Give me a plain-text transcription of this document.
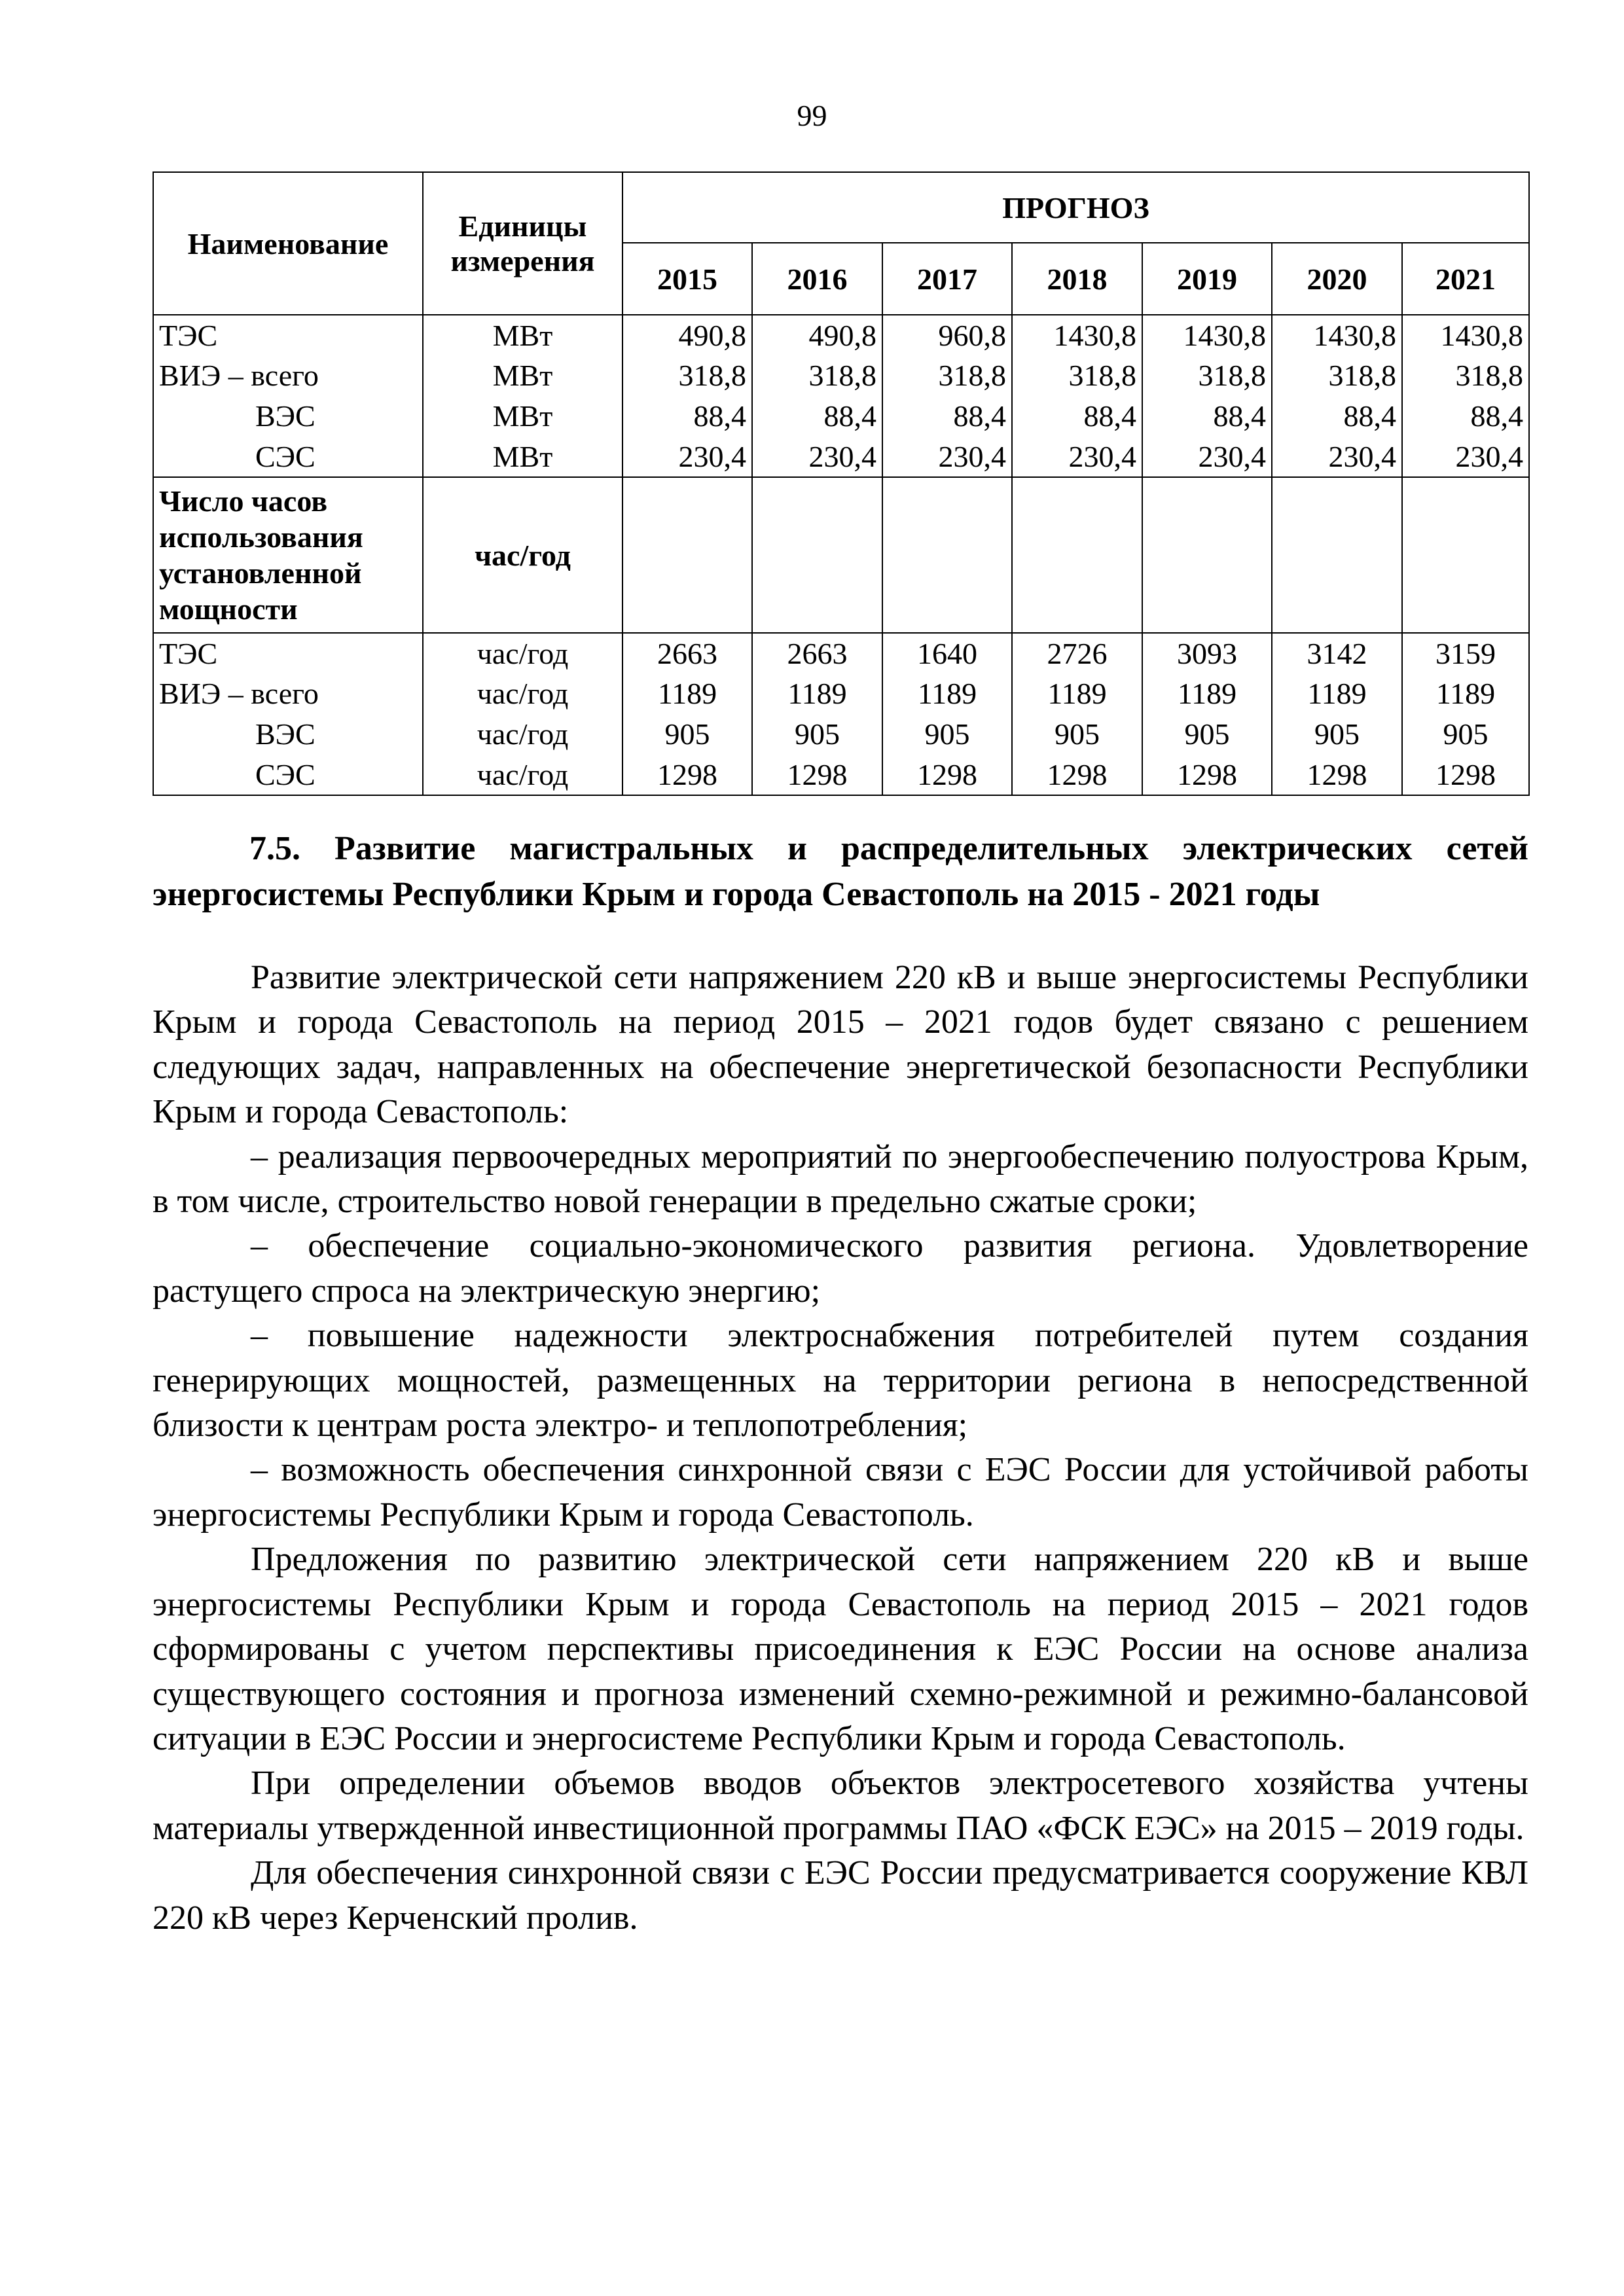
99
Наименование	Единицы измерения	ПРОГНОЗ						
		2015	2016	2017	2018	2019	2020	2021
ТЭС	МВт	490,8	490,8	960,8	1430,8	1430,8	1430,8	1430,8
ВИЭ – всего	МВт	318,8	318,8	318,8	318,8	318,8	318,8	318,8
ВЭС	МВт	88,4	88,4	88,4	88,4	88,4	88,4	88,4
СЭС	МВт	230,4	230,4	230,4	230,4	230,4	230,4	230,4
Число часов использования установленной мощности	час/год							
ТЭС	час/год	2663	2663	1640	2726	3093	3142	3159
ВИЭ – всего	час/год	1189	1189	1189	1189	1189	1189	1189
ВЭС	час/год	905	905	905	905	905	905	905
СЭС	час/год	1298	1298	1298	1298	1298	1298	1298
7.5. Развитие магистральных и распределительных электрических сетей энергосистемы Республики Крым и города Севастополь на 2015 - 2021 годы

Развитие электрической сети напряжением 220 кВ и выше энергосистемы Республики Крым и города Севастополь на период 2015 – 2021 годов будет связано с решением следующих задач, направленных на обеспечение энергетической безопасности Республики Крым и города Севастополь:

– реализация первоочередных мероприятий по энергообеспечению полуострова Крым, в том числе, строительство новой генерации в предельно сжатые сроки;

– обеспечение социально-экономического развития региона. Удовлетворение растущего спроса на электрическую энергию;

– повышение надежности электроснабжения потребителей путем создания генерирующих мощностей, размещенных на территории региона в непосредственной близости к центрам роста электро- и теплопотребления;

– возможность обеспечения синхронной связи с ЕЭС России для устойчивой работы энергосистемы Республики Крым и города Севастополь.

Предложения по развитию электрической сети напряжением 220 кВ и выше энергосистемы Республики Крым и города Севастополь на период 2015 – 2021 годов сформированы с учетом перспективы присоединения к ЕЭС России на основе анализа существующего состояния и прогноза изменений схемно-режимной и режимно-балансовой ситуации в ЕЭС России и энергосистеме Республики Крым и города Севастополь.

При определении объемов вводов объектов электросетевого хозяйства учтены материалы утвержденной инвестиционной программы ПАО «ФСК ЕЭС» на 2015 – 2019 годы.

Для обеспечения синхронной связи с ЕЭС России предусматривается сооружение КВЛ 220 кВ через Керченский пролив.
